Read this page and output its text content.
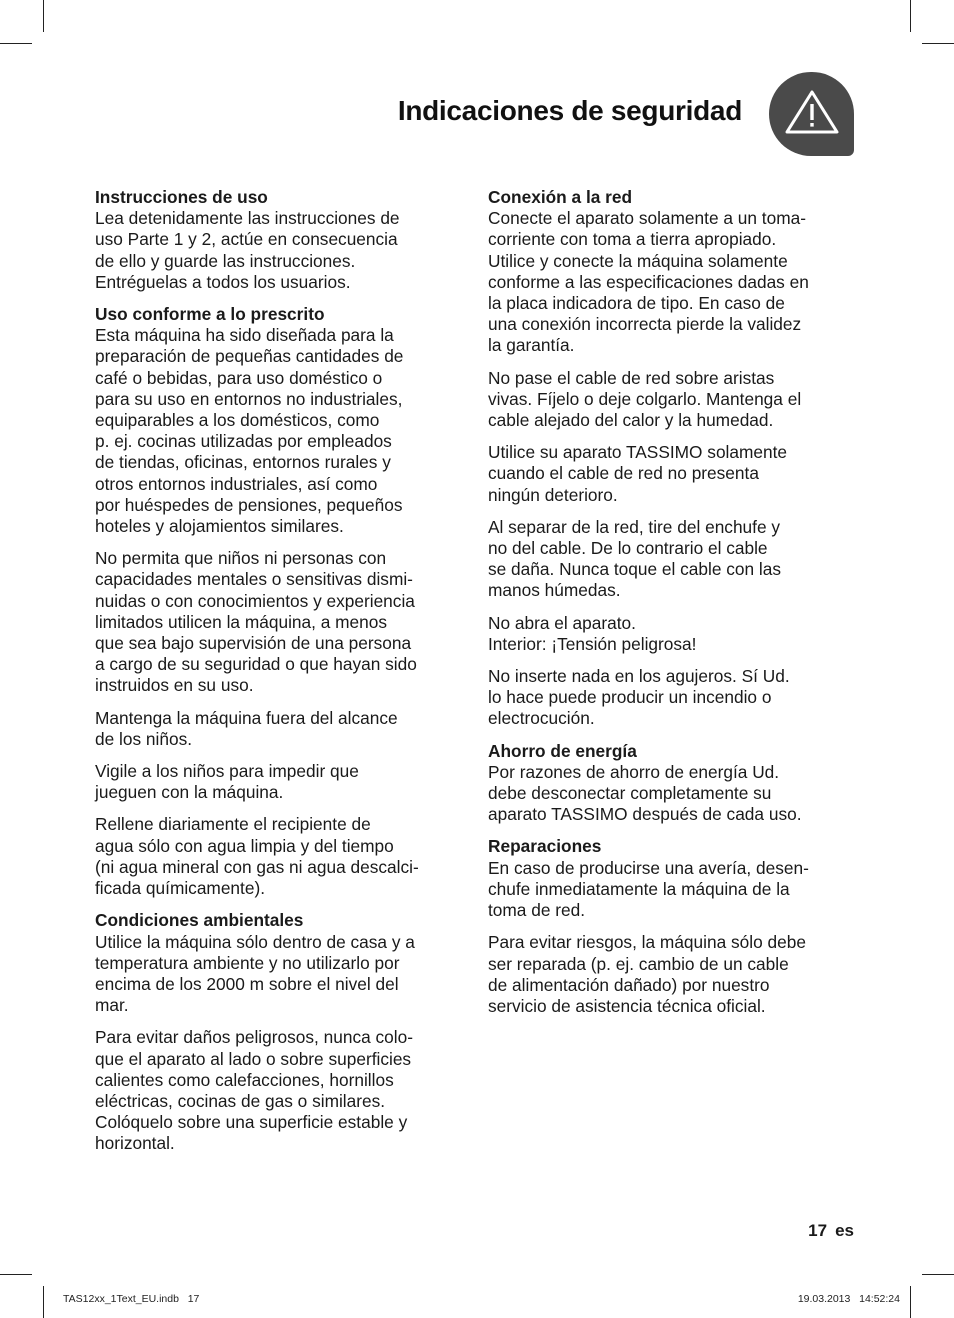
Indicaciones de seguridad
Instrucciones de uso
Lea detenidamente las instrucciones de
uso Parte 1 y 2, actúe en consecuencia
de ello y guarde las instrucciones.
Entréguelas a todos los usuarios.
Uso conforme a lo prescrito
Esta máquina ha sido diseñada para la
preparación de pequeñas cantidades de
café o bebidas, para uso doméstico o
para su uso en entornos no industriales,
equiparables a los domésticos, como
p. ej. cocinas utilizadas por empleados
de tiendas, oficinas, entornos rurales y
otros entornos industriales, así como
por huéspedes de pensiones, pequeños
hoteles y alojamientos similares.
No permita que niños ni personas con
capacidades mentales o sensitivas dismi-
nuidas o con conocimientos y experiencia
limitados utilicen la máquina, a menos
que sea bajo supervisión de una persona
a cargo de su seguridad o que hayan sido
instruidos en su uso.
Mantenga la máquina fuera del alcance
de los niños.
Vigile a los niños para impedir que
jueguen con la máquina.
Rellene diariamente el recipiente de
agua sólo con agua limpia y del tiempo
(ni agua mineral con gas ni agua descalci-
ficada químicamente).
Condiciones ambientales
Utilice la máquina sólo dentro de casa y a
temperatura ambiente y no utilizarlo por
encima de los 2000 m sobre el nivel del
mar.
Para evitar daños peligrosos, nunca colo-
que el aparato al lado o sobre superficies
calientes como calefacciones, hornillos
eléctricas, cocinas de gas o similares.
Colóquelo sobre una superficie estable y
horizontal.
Conexión a la red
Conecte el aparato solamente a un toma-
corriente con toma a tierra apropiado.
Utilice y conecte la máquina solamente
conforme a las especificaciones dadas en
la placa indicadora de tipo. En caso de
una conexión incorrecta pierde la validez
la garantía.
No pase el cable de red sobre aristas
vivas. Fíjelo o deje colgarlo. Mantenga el
cable alejado del calor y la humedad.
Utilice su aparato TASSIMO solamente
cuando el cable de red no presenta
ningún deterioro.
Al separar de la red, tire del enchufe y
no del cable. De lo contrario el cable
se daña. Nunca toque el cable con las
manos húmedas.
No abra el aparato.
Interior: ¡Tensión peligrosa!
No inserte nada en los agujeros. Sí Ud.
lo hace puede producir un incendio o
electrocución.
Ahorro de energía
Por razones de ahorro de energía Ud.
debe desconectar completamente su
aparato TASSIMO después de cada uso.
Reparaciones
En caso de producirse una avería, desen-
chufe inmediatamente la máquina de la
toma de red.
Para evitar riesgos, la máquina sólo debe
ser reparada (p. ej. cambio de un cable
de alimentación dañado) por nuestro
servicio de asistencia técnica oficial.
17 es
TAS12xx_1Text_EU.indb   17	19.03.2013   14:52:24
